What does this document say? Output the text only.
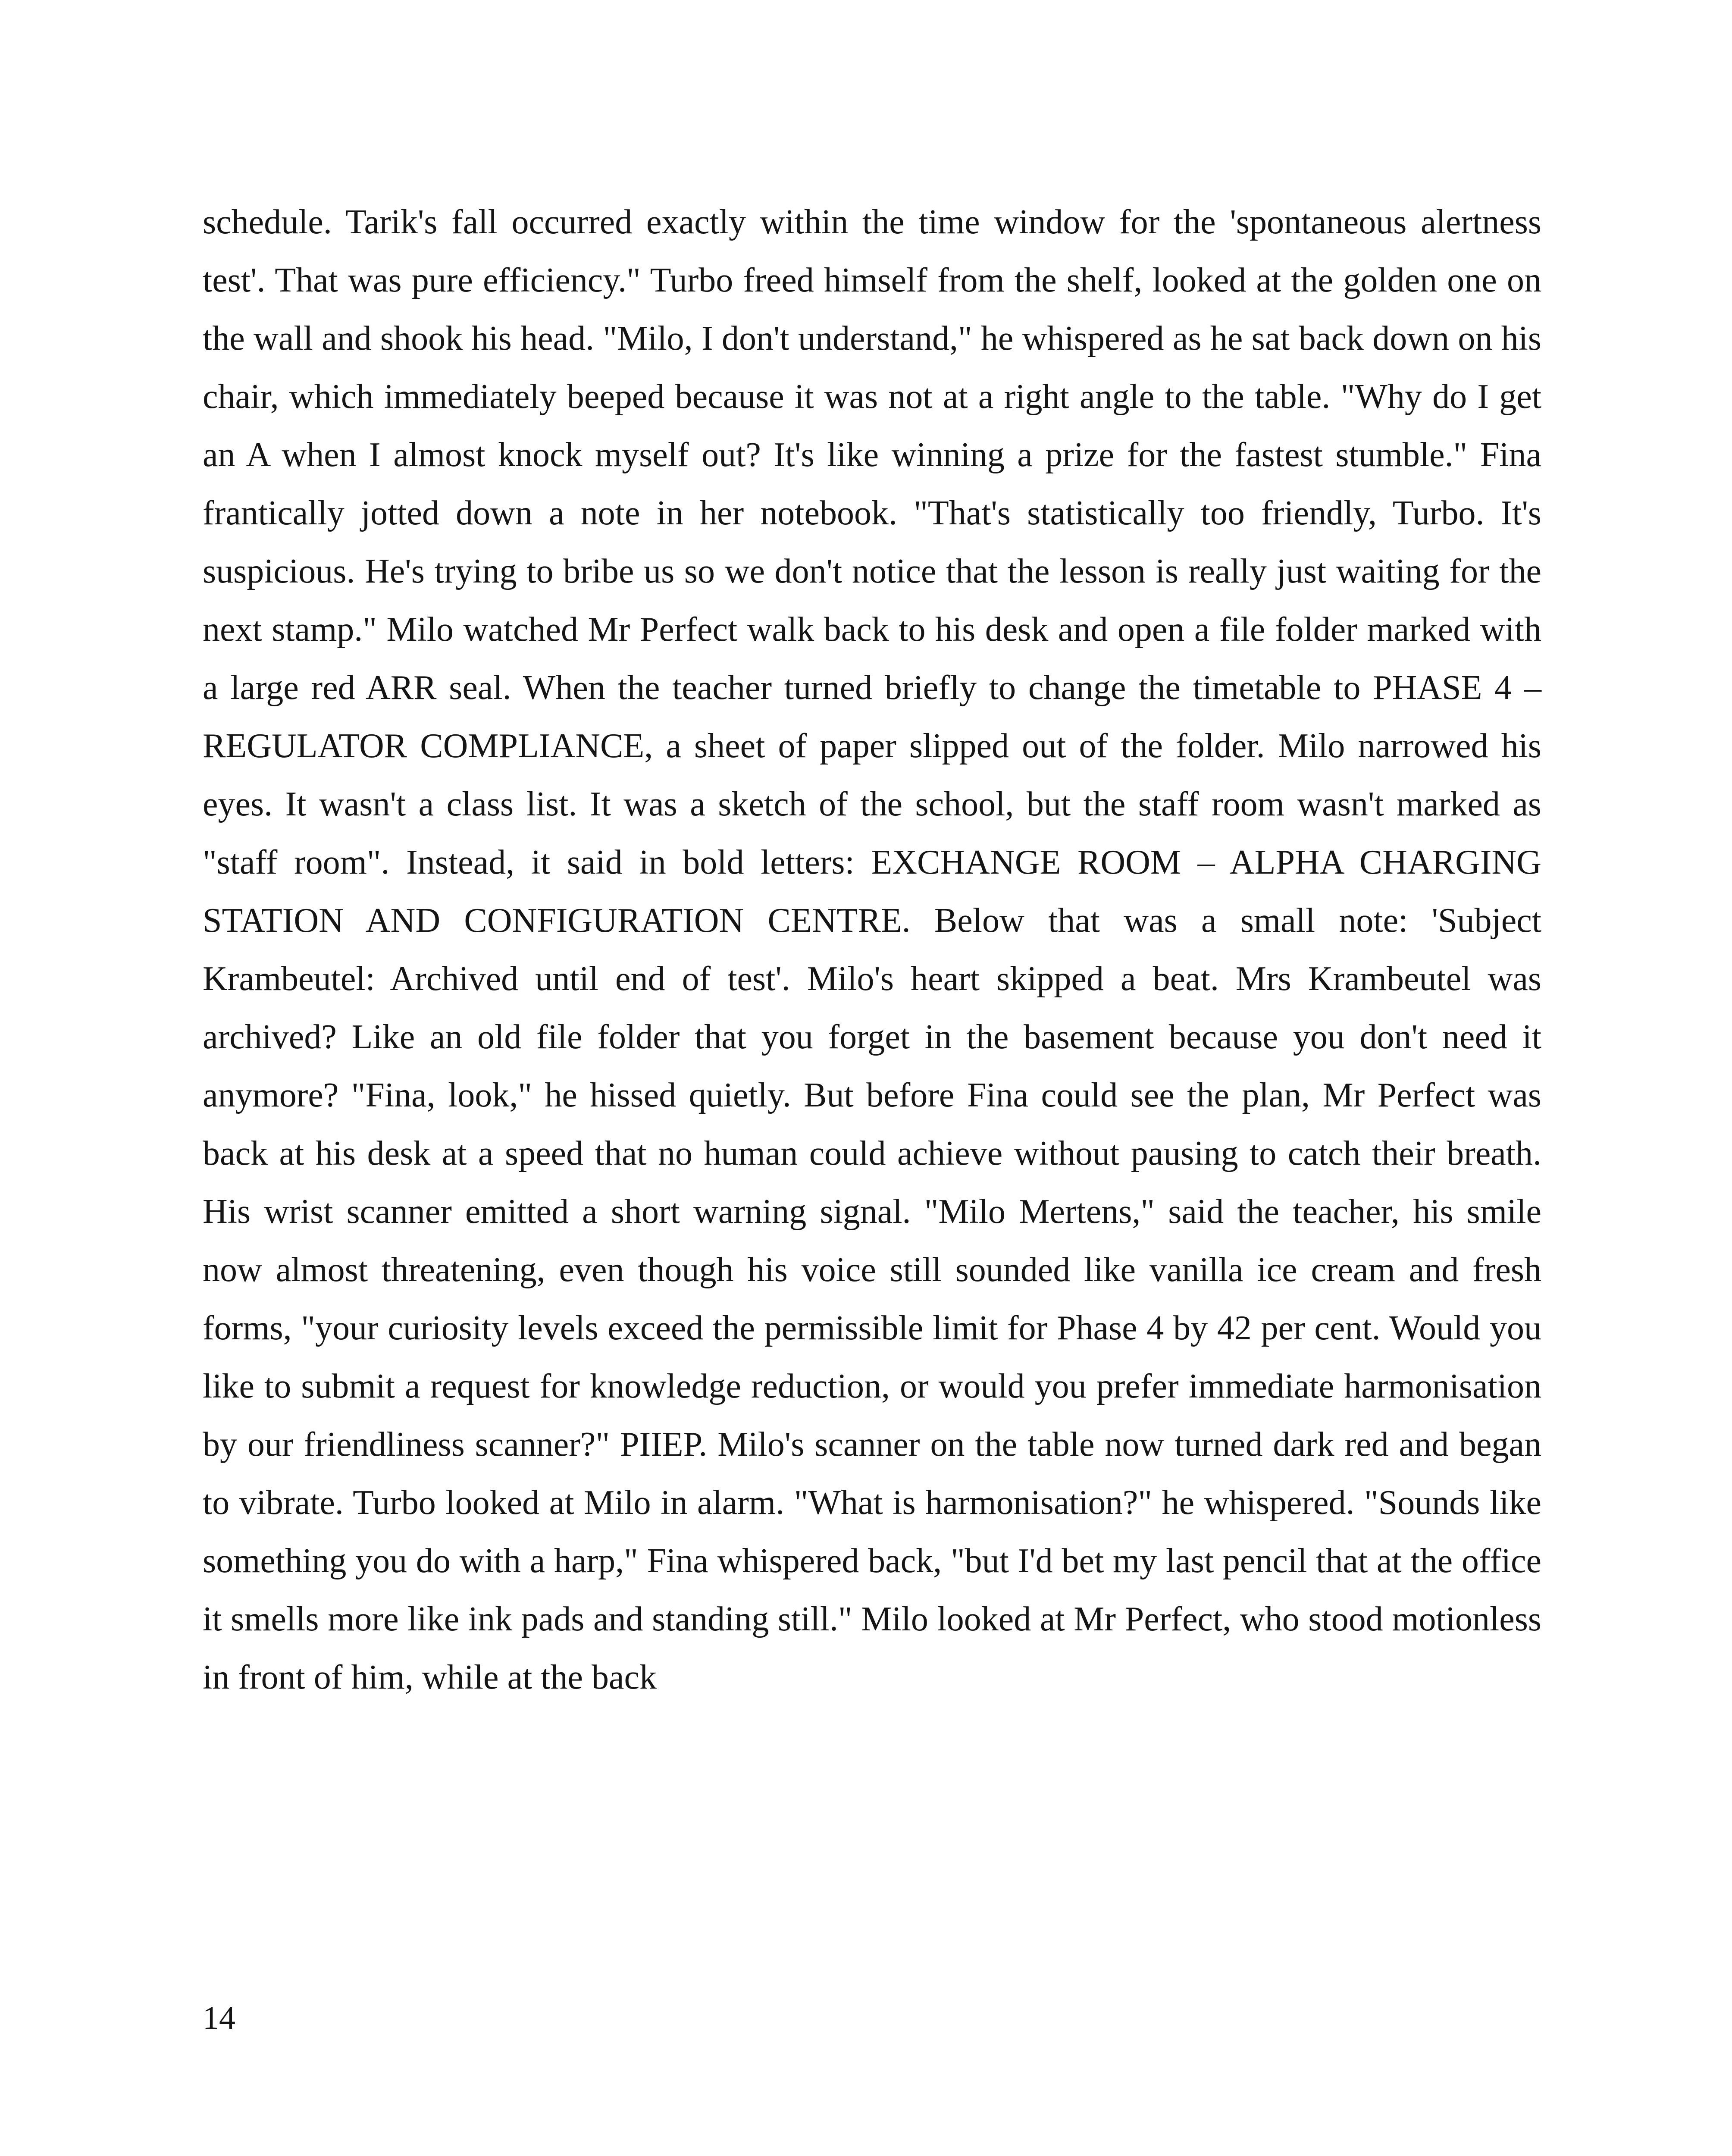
schedule. Tarik's fall occurred exactly within the time window for the 'spontaneous alertness test'. That was pure efficiency." Turbo freed himself from the shelf, looked at the golden one on the wall and shook his head. "Milo, I don't understand," he whispered as he sat back down on his chair, which immediately beeped because it was not at a right angle to the table. "Why do I get an A when I almost knock myself out? It's like winning a prize for the fastest stumble." Fina frantically jotted down a note in her notebook. "That's statistically too friendly, Turbo. It's suspicious. He's trying to bribe us so we don't notice that the lesson is really just waiting for the next stamp." Milo watched Mr Perfect walk back to his desk and open a file folder marked with a large red ARR seal. When the teacher turned briefly to change the timetable to PHASE 4 – REGULATOR COMPLIANCE, a sheet of paper slipped out of the folder. Milo narrowed his eyes. It wasn't a class list. It was a sketch of the school, but the staff room wasn't marked as "staff room". Instead, it said in bold letters: EXCHANGE ROOM – ALPHA CHARGING STATION AND CONFIGURATION CENTRE. Below that was a small note: 'Subject Krambeutel: Archived until end of test'. Milo's heart skipped a beat. Mrs Krambeutel was archived? Like an old file folder that you forget in the basement because you don't need it anymore? "Fina, look," he hissed quietly. But before Fina could see the plan, Mr Perfect was back at his desk at a speed that no human could achieve without pausing to catch their breath. His wrist scanner emitted a short warning signal. "Milo Mertens," said the teacher, his smile now almost threatening, even though his voice still sounded like vanilla ice cream and fresh forms, "your curiosity levels exceed the permissible limit for Phase 4 by 42 per cent. Would you like to submit a request for knowledge reduction, or would you prefer immediate harmonisation by our friendliness scanner?" PIIEP. Milo's scanner on the table now turned dark red and began to vibrate. Turbo looked at Milo in alarm. "What is harmonisation?" he whispered. "Sounds like something you do with a harp," Fina whispered back, "but I'd bet my last pencil that at the office it smells more like ink pads and standing still." Milo looked at Mr Perfect, who stood motionless in front of him, while at the back

14
